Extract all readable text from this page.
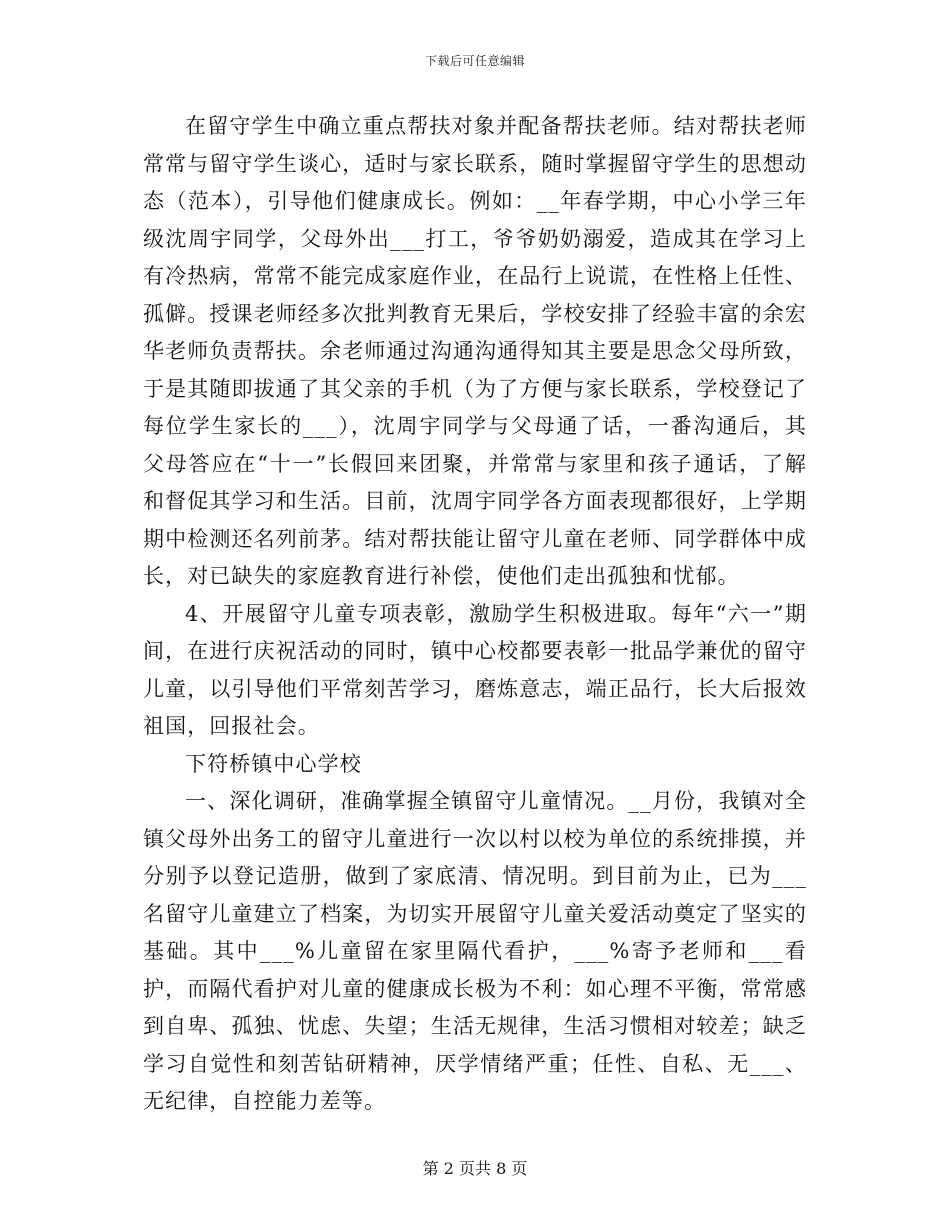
下载后可任意编辑

在留守学生中确立重点帮扶对象并配备帮扶老师。结对帮扶老师常常与留守学生谈心，适时与家长联系，随时掌握留守学生的思想动态（范本），引导他们健康成长。例如：__年春学期，中心小学三年级沈周宇同学，父母外出___打工，爷爷奶奶溺爱，造成其在学习上有冷热病，常常不能完成家庭作业，在品行上说谎，在性格上任性、孤僻。授课老师经多次批判教育无果后，学校安排了经验丰富的余宏华老师负责帮扶。余老师通过沟通沟通得知其主要是思念父母所致，于是其随即拔通了其父亲的手机（为了方便与家长联系，学校登记了每位学生家长的___），沈周宇同学与父母通了话，一番沟通后，其父母答应在“十一”长假回来团聚，并常常与家里和孩子通话，了解和督促其学习和生活。目前，沈周宇同学各方面表现都很好，上学期期中检测还名列前茅。结对帮扶能让留守儿童在老师、同学群体中成长，对已缺失的家庭教育进行补偿，使他们走出孤独和忧郁。

4、开展留守儿童专项表彰，激励学生积极进取。每年“六一”期间，在进行庆祝活动的同时，镇中心校都要表彰一批品学兼优的留守儿童，以引导他们平常刻苦学习，磨炼意志，端正品行，长大后报效祖国，回报社会。

下符桥镇中心学校

一、深化调研，准确掌握全镇留守儿童情况。__月份，我镇对全镇父母外出务工的留守儿童进行一次以村以校为单位的系统排摸，并分别予以登记造册，做到了家底清、情况明。到目前为止，已为___名留守儿童建立了档案，为切实开展留守儿童关爱活动奠定了坚实的基础。其中___%儿童留在家里隔代看护，___%寄予老师和___看护，而隔代看护对儿童的健康成长极为不利：如心理不平衡，常常感到自卑、孤独、忧虑、失望；生活无规律，生活习惯相对较差；缺乏学习自觉性和刻苦钻研精神，厌学情绪严重；任性、自私、无___、无纪律，自控能力差等。

第 2 页共 8 页
